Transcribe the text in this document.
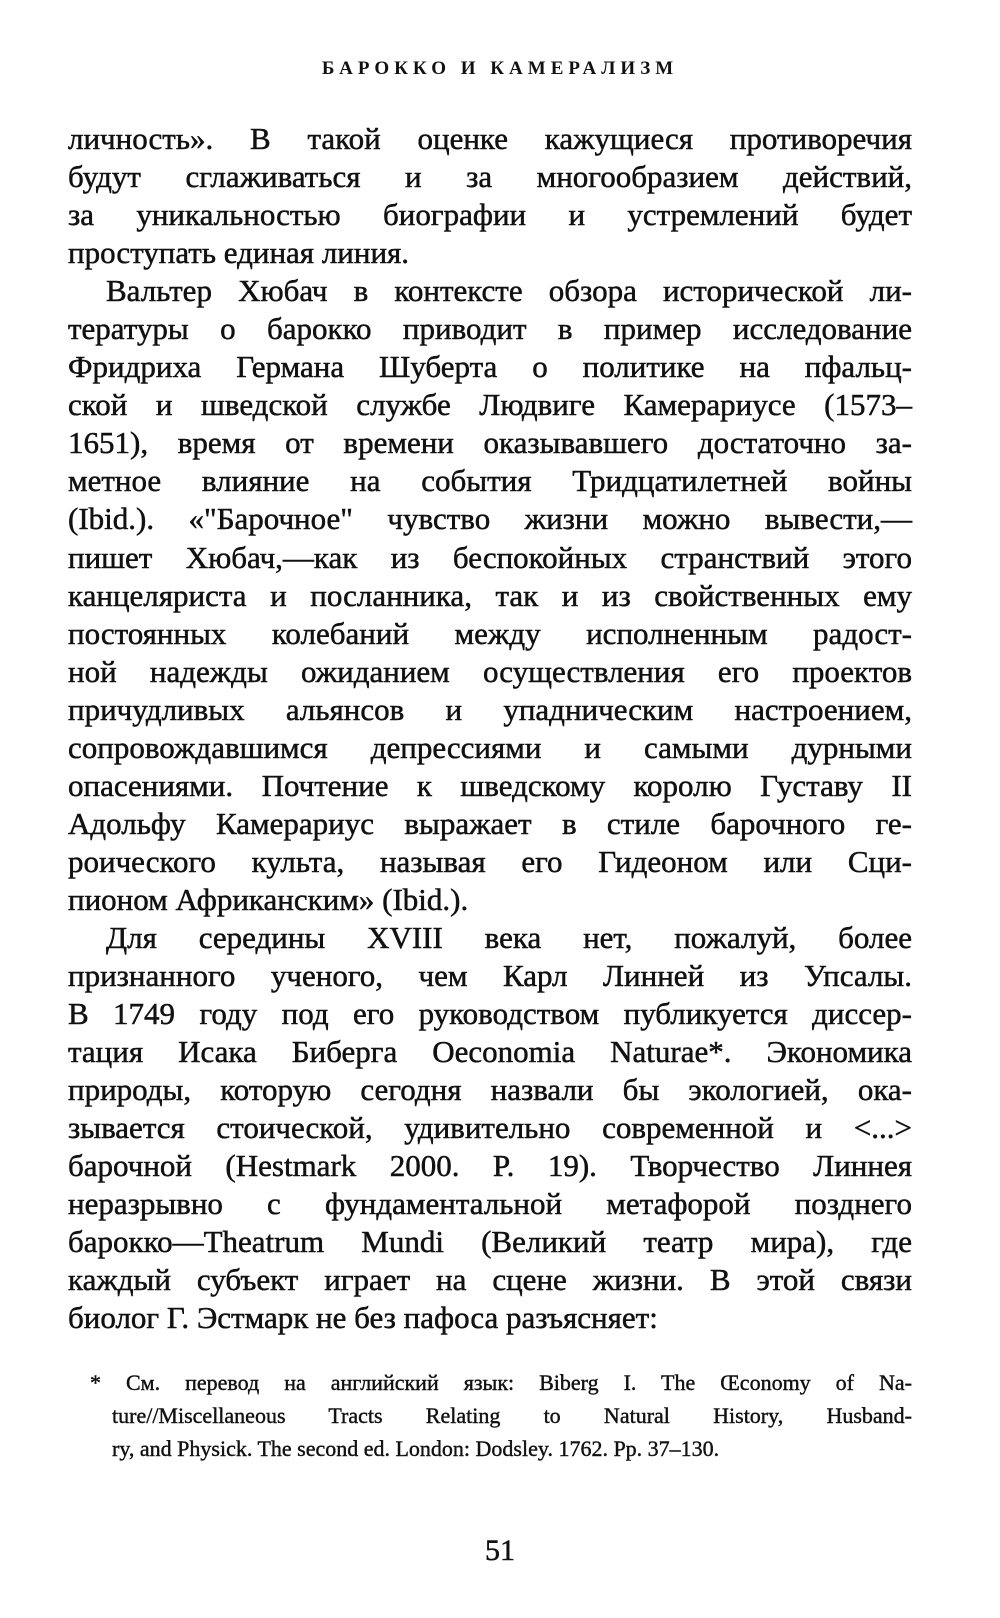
БАРОККО И КАМЕРАЛИЗМ
личность». В такой оценке кажущиеся противоречия
будут сглаживаться и за многообразием действий,
за уникальностью биографии и устремлений будет
проступать единая линия.
Вальтер Хюбач в контексте обзора исторической ли-
тературы о барокко приводит в пример исследование
Фридриха Германа Шуберта о политике на пфальц-
ской и шведской службе Людвиге Камерариусе (1573–
1651), время от времени оказывавшего достаточно за-
метное влияние на события Тридцатилетней войны
(Ibid.). «"Барочное" чувство жизни можно вывести,—
пишет Хюбач,—как из беспокойных странствий этого
канцеляриста и посланника, так и из свойственных ему
постоянных колебаний между исполненным радост-
ной надежды ожиданием осуществления его проектов
причудливых альянсов и упадническим настроением,
сопровождавшимся депрессиями и самыми дурными
опасениями. Почтение к шведскому королю Густаву II
Адольфу Камерариус выражает в стиле барочного ге-
роического культа, называя его Гидеоном или Сци-
пионом Африканским» (Ibid.).
Для середины XVIII века нет, пожалуй, более
признанного ученого, чем Карл Линней из Упсалы.
В 1749 году под его руководством публикуется диссер-
тация Исака Биберга Oeconomia Naturae*. Экономика
природы, которую сегодня назвали бы экологией, ока-
зывается стоической, удивительно современной и <...>
барочной (Hestmark 2000. P. 19). Творчество Линнея
неразрывно с фундаментальной метафорой позднего
барокко—Theatrum Mundi (Великий театр мира), где
каждый субъект играет на сцене жизни. В этой связи
биолог Г. Эстмарк не без пафоса разъясняет:
* См. перевод на английский язык: Biberg I. The Œconomy of Na-
ture//Miscellaneous Tracts Relating to Natural History, Husband-
ry, and Physick. The second ed. London: Dodsley. 1762. Pp. 37–130.
51
